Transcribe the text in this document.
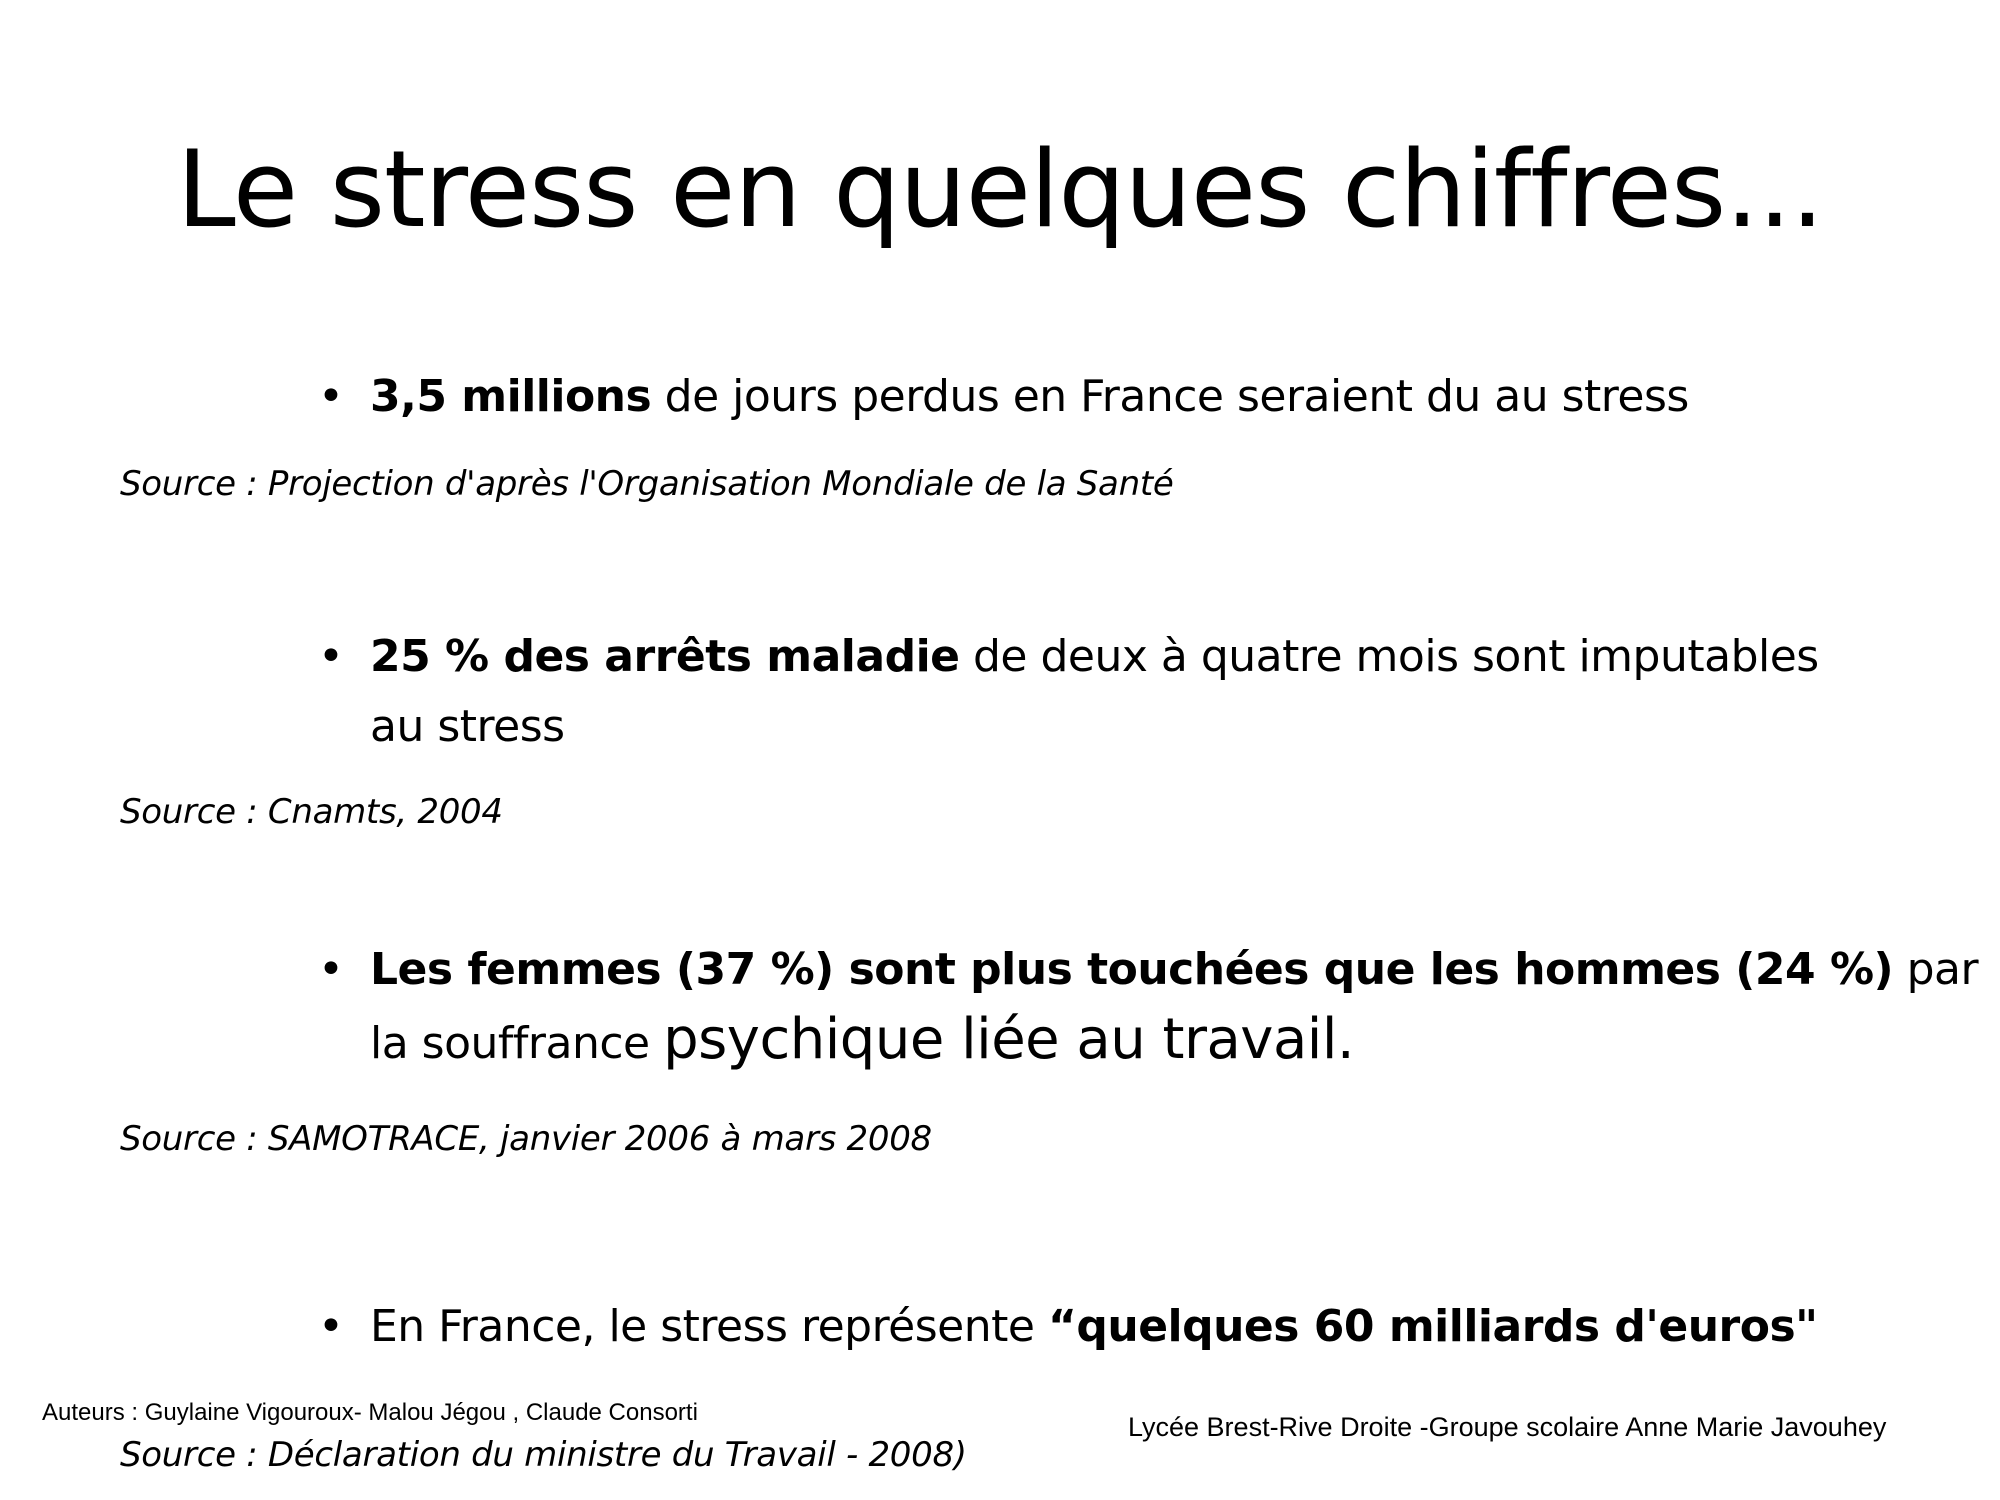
Le stress en quelques chiffres...
• 3,5 millions de jours perdus en France seraient du au stress
Source : Projection d'après l'Organisation Mondiale de la Santé
• 25 % des arrêts maladie de deux à quatre mois sont imputables
au stress
Source : Cnamts, 2004
• Les femmes (37 %) sont plus touchées que les hommes (24 %) par
la souffrance psychique liée au travail.
Source : SAMOTRACE, janvier 2006 à mars 2008
• En France, le stress représente “quelques 60 milliards d'euros"
Auteurs : Guylaine Vigouroux- Malou Jégou , Claude Consorti	Lycée Brest-Rive Droite -Groupe scolaire Anne Marie Javouhey
Source : Déclaration du ministre du Travail - 2008)
